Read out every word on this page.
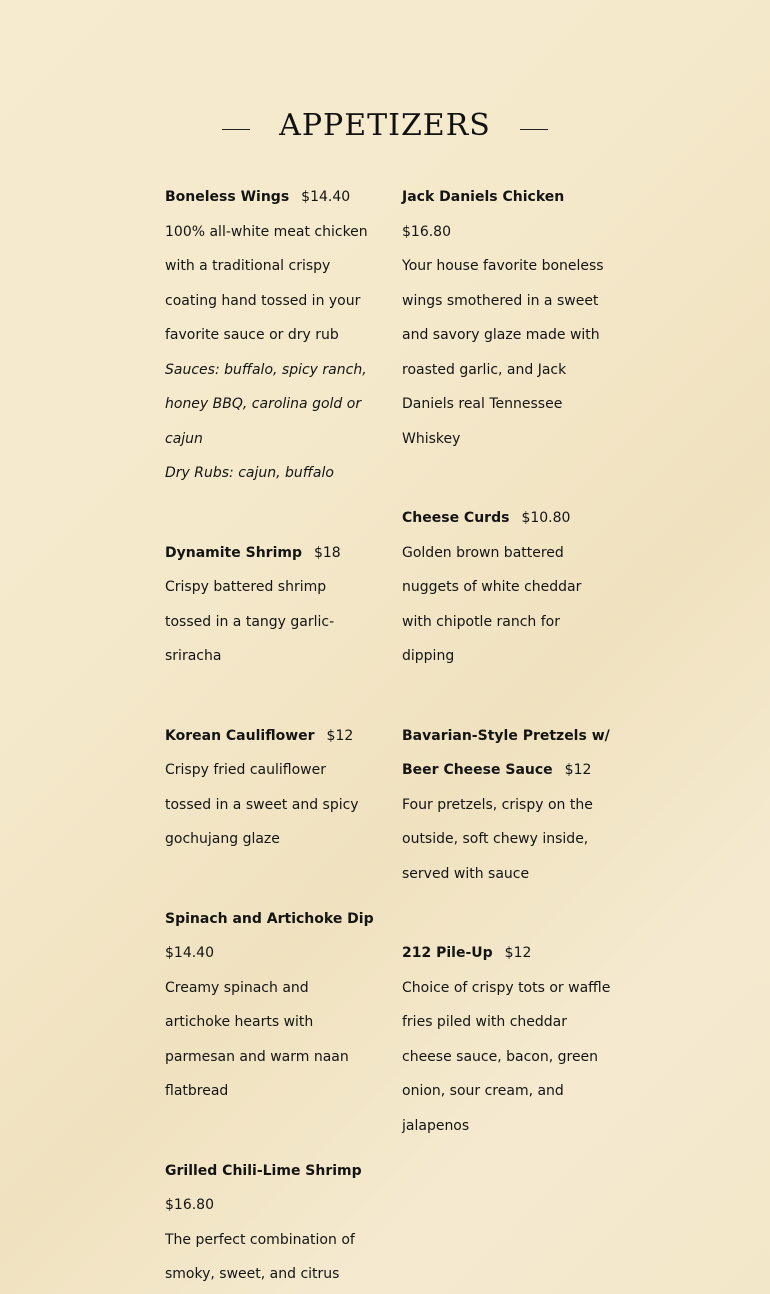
APPETIZERS
Boneless Wings $14.40
100% all-white meat chicken with a traditional crispy coating hand tossed in your favorite sauce or dry rub
Sauces: buffalo, spicy ranch, honey BBQ, carolina gold or cajun
Dry Rubs: cajun, buffalo
Dynamite Shrimp $18
Crispy battered shrimp tossed in a tangy garlic-sriracha
Korean Cauliflower $12
Crispy fried cauliflower tossed in a sweet and spicy gochujang glaze
Spinach and Artichoke Dip
$14.40
Creamy spinach and artichoke hearts with parmesan and warm naan flatbread
Grilled Chili-Lime Shrimp
$16.80
The perfect combination of smoky, sweet, and citrus
Jack Daniels Chicken
$16.80
Your house favorite boneless wings smothered in a sweet and savory glaze made with roasted garlic, and Jack Daniels real Tennessee Whiskey
Cheese Curds $10.80
Golden brown battered nuggets of white cheddar with chipotle ranch for dipping
Bavarian-Style Pretzels w/ Beer Cheese Sauce $12
Four pretzels, crispy on the outside, soft chewy inside, served with sauce
212 Pile-Up $12
Choice of crispy tots or waffle fries piled with cheddar cheese sauce, bacon, green onion, sour cream, and jalapenos
